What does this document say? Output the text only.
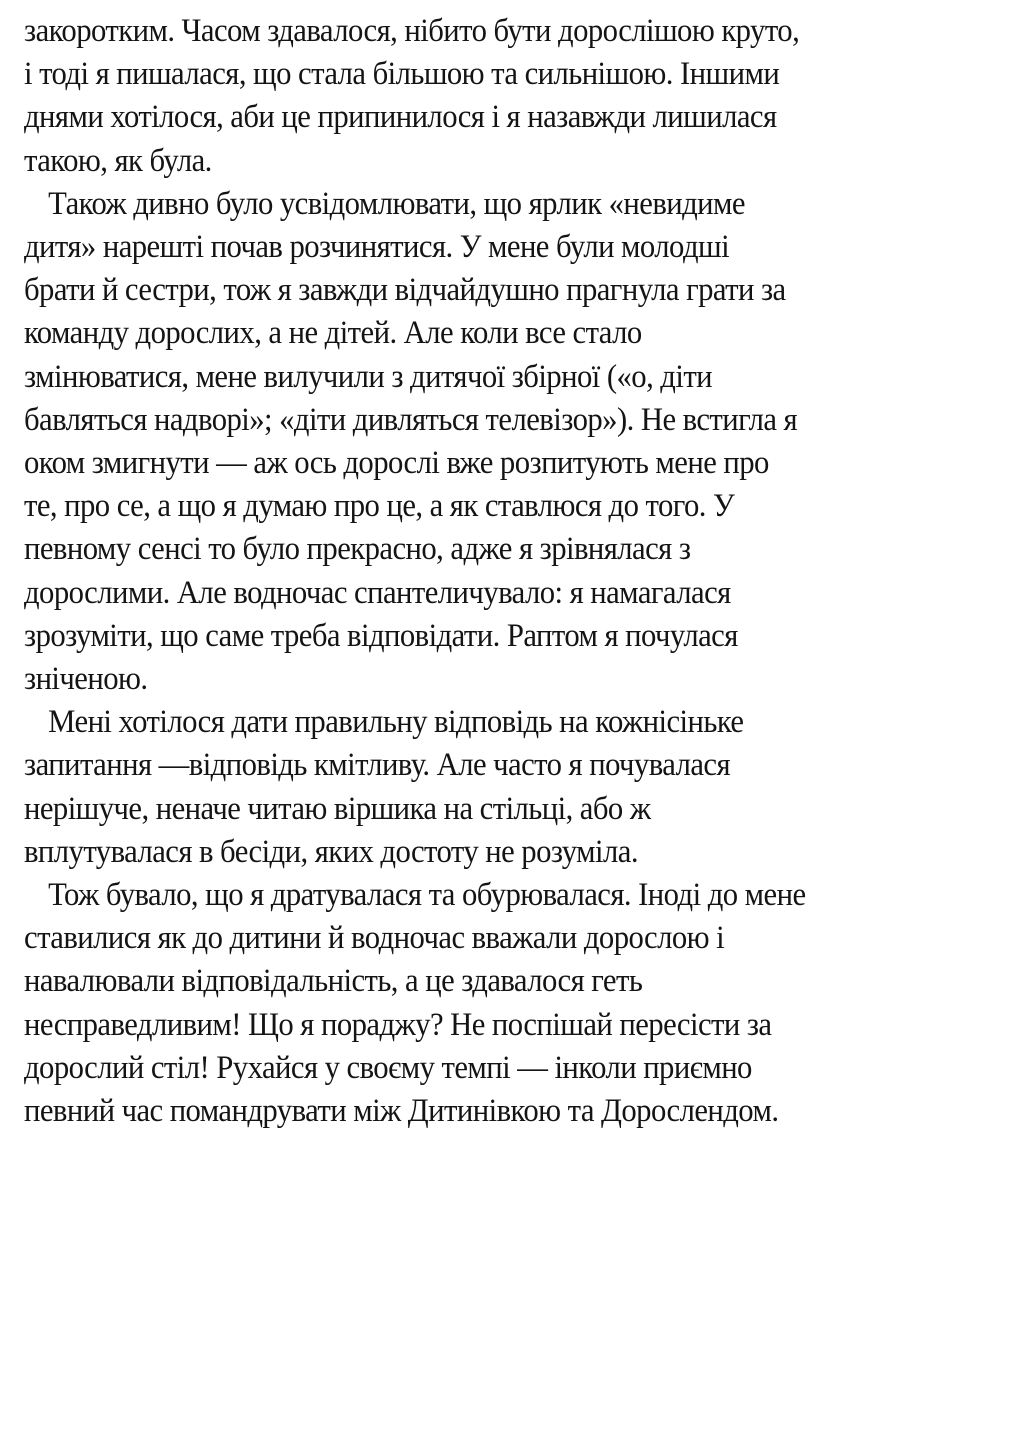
закоротким. Часом здавалося, нібито бути дорослішою круто,
і тоді я пишалася, що стала більшою та сильнішою. Іншими
днями хотілося, аби це припинилося і я назавжди лишилася
такою, як була.

Також дивно було усвідомлювати, що ярлик «невидиме
дитя» нарешті почав розчинятися. У мене були молодші
брати й сестри, тож я завжди відчайдушно прагнула грати за
команду дорослих, а не дітей. Але коли все стало
змінюватися, мене вилучили з дитячої збірної («о, діти
бавляться надворі»; «діти дивляться телевізор»). Не встигла я
оком змигнути — аж ось дорослі вже розпитують мене про
те, про се, а що я думаю про це, а як ставлюся до того. У
певному сенсі то було прекрасно, адже я зрівнялася з
дорослими. Але водночас спантеличувало: я намагалася
зрозуміти, що саме треба відповідати. Раптом я почулася
зніченою.

Мені хотілося дати правильну відповідь на кожнісіньке
запитання —відповідь кмітливу. Але часто я почувалася
нерішуче, неначе читаю віршика на стільці, або ж
вплутувалася в бесіди, яких достоту не розуміла.

Тож бувало, що я дратувалася та обурювалася. Іноді до мене
ставилися як до дитини й водночас вважали дорослою і
навалювали відповідальність, а це здавалося геть
несправедливим! Що я пораджу? Не поспішай пересісти за
дорослий стіл! Рухайся у своєму темпі — інколи приємно
певний час помандрувати між Дитинівкою та Дорослендом.
